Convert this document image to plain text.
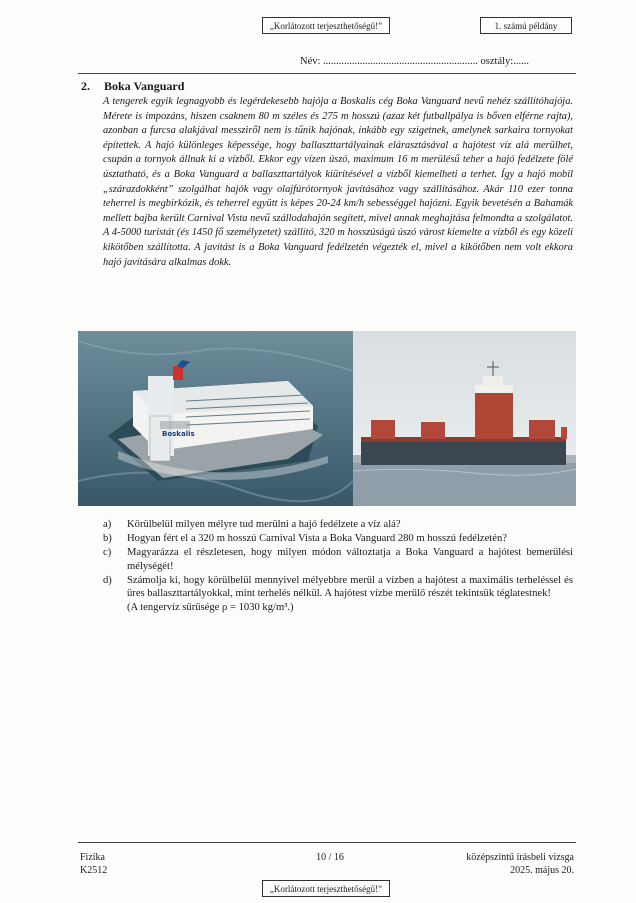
„Korlátozott terjeszthetőségű!”	1. számú példány
Név: ........................................................... osztály:......
2. Boka Vanguard

A tengerek egyik legnagyobb és legérdekesebb hajója a Boskalis cég Boka Vanguard nevű nehéz szállítóhajója. Mérete is impozáns, hiszen csaknem 80 m széles és 275 m hosszú (azaz két futballpálya is bőven elférne rajta), azonban a furcsa alakjával messziről nem is tűnik hajónak, inkább egy szigetnek, amelynek sarkaira tornyokat építettek. A hajó különleges képessége, hogy ballaszttartályainak elárasztásával a hajótest víz alá merülhet, csupán a tornyok állnak ki a vízből. Ekkor egy vízen úszó, maximum 16 m merülésű teher a hajó fedélzete fölé úsztatható, és a Boka Vanguard a ballaszttartályok kiürítésével a vízből kiemelheti a terhet. Így a hajó mobil „szárazdokként” szolgálhat hajók vagy olajfúrótornyok javításához vagy szállításához. Akár 110 ezer tonna teherrel is megbirkózik, és teherrel együtt is képes 20-24 km/h sebességgel hajózni. Egyik bevetésén a Bahamák mellett bajba került Carnival Vista nevű szállodahajón segített, mivel annak meghajtása felmondta a szolgálatot. A 4-5000 turistát (és 1450 fő személyzetet) szállító, 320 m hosszúságú úszó várost kiemelte a vízből és egy közeli kikötőben szállította. A javítást is a Boka Vanguard fedélzetén végezték el, mivel a kikötőben nem volt ekkora hajó javítására alkalmas dokk.

Boskalis
a) Körülbelül milyen mélyre tud merülni a hajó fedélzete a víz alá?
b) Hogyan fért el a 320 m hosszú Carnival Vista a Boka Vanguard 280 m hosszú fedélzetén?
c) Magyarázza el részletesen, hogy milyen módon változtatja a Boka Vanguard a hajótest bemerülési mélységét!
d) Számolja ki, hogy körülbelül mennyivel mélyebbre merül a vízben a hajótest a maximális terheléssel és üres ballaszttartályokkal, mint terhelés nélkül. A hajótest vízbe merülő részét tekintsük téglatestnek!
(A tengervíz sűrűsége ρ = 1030 kg/m³.)
Fizika
K2512
10 / 16	középszintű írásbeli vizsga
2025. május 20.
„Korlátozott terjeszthetőségű!”
